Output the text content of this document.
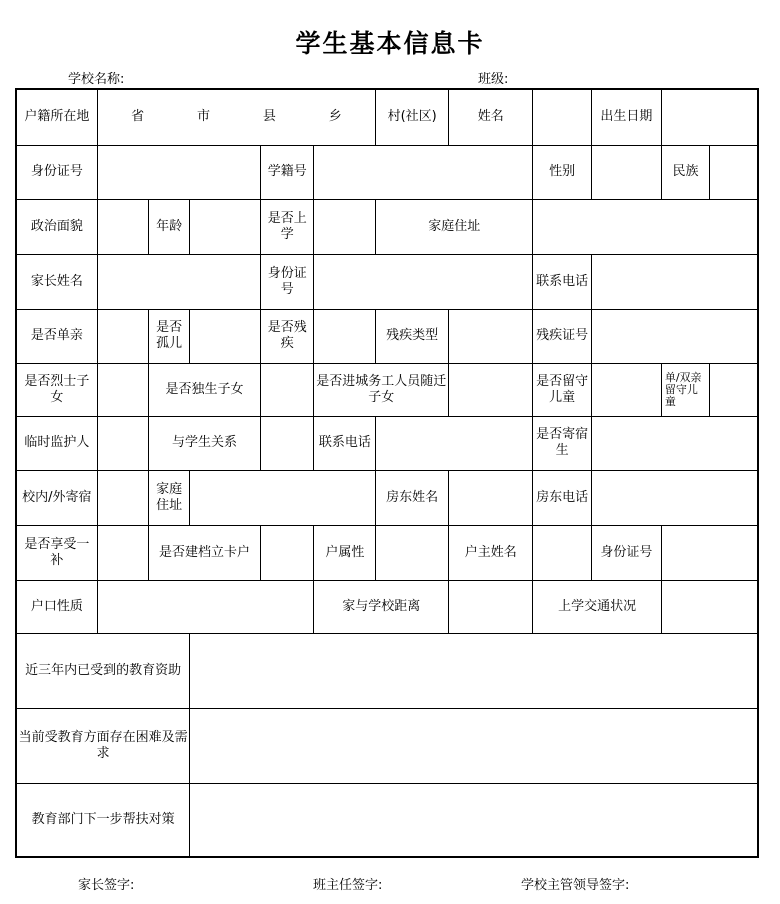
学生基本信息卡
学校名称:	班级:
户籍所在地	省 市 县 乡					村(社区)	姓名		出生日期		
身份证号				学籍号				性别		民族	
政治面貌		年龄		是否上学		家庭住址					
家长姓名				身份证号				联系电话			
是否单亲		是否孤儿		是否残疾		残疾类型		残疾证号			
是否烈士子女		是否独生子女			是否进城务工人员随迁子女			是否留守儿童		单/双亲留守儿童	
临时监护人		与学生关系			联系电话			是否寄宿生			
校内/外寄宿		家庭住址				房东姓名		房东电话			
是否享受一补		是否建档立卡户			户属性		户主姓名		身份证号		
户口性质					家与学校距离			上学交通状况			
近三年内已受到的教育资助											
当前受教育方面存在困难及需求											
教育部门下一步帮扶对策											
家长签字:	班主任签字:	学校主管领导签字:
